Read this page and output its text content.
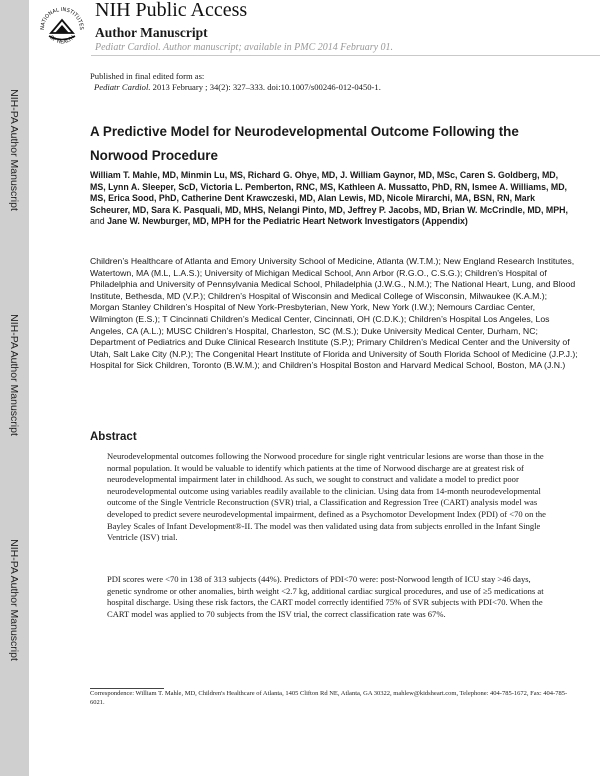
NIH-PA Author Manuscript
NIH-PA Author Manuscript
NIH-PA Author Manuscript
NATIONAL INSTITUTES
OF HEALTH
NIH Public Access
Author Manuscript
Pediatr Cardiol. Author manuscript; available in PMC 2014 February 01.
Published in final edited form as:
Pediatr Cardiol. 2013 February ; 34(2): 327–333. doi:10.1007/s00246-012-0450-1.
A Predictive Model for Neurodevelopmental Outcome Following the Norwood Procedure
William T. Mahle, MD, Minmin Lu, MS, Richard G. Ohye, MD, J. William Gaynor, MD, MSc, Caren S. Goldberg, MD, MS, Lynn A. Sleeper, ScD, Victoria L. Pemberton, RNC, MS, Kathleen A. Mussatto, PhD, RN, Ismee A. Williams, MD, MS, Erica Sood, PhD, Catherine Dent Krawczeski, MD, Alan Lewis, MD, Nicole Mirarchi, MA, BSN, RN, Mark Scheurer, MD, Sara K. Pasquali, MD, MHS, Nelangi Pinto, MD, Jeffrey P. Jacobs, MD, Brian W. McCrindle, MD, MPH, and Jane W. Newburger, MD, MPH for the Pediatric Heart Network Investigators (Appendix)
Children’s Healthcare of Atlanta and Emory University School of Medicine, Atlanta (W.T.M.); New England Research Institutes, Watertown, MA (M.L, L.A.S.); University of Michigan Medical School, Ann Arbor (R.G.O., C.S.G.); Children’s Hospital of Philadelphia and University of Pennsylvania Medical School, Philadelphia (J.W.G., N.M.); The National Heart, Lung, and Blood Institute, Bethesda, MD (V.P.); Children’s Hospital of Wisconsin and Medical College of Wisconsin, Milwaukee (K.A.M.); Morgan Stanley Children’s Hospital of New York-Presbyterian, New York, New York (I.W.); Nemours Cardiac Center, Wilmington (E.S.); T Cincinnati Children’s Medical Center, Cincinnati, OH (C.D.K.); Children’s Hospital Los Angeles, Los Angeles, CA (A.L.); MUSC Children’s Hospital, Charleston, SC (M.S.); Duke University Medical Center, Durham, NC; Department of Pediatrics and Duke Clinical Research Institute (S.P.); Primary Children’s Medical Center and the University of Utah, Salt Lake City (N.P.); The Congenital Heart Institute of Florida and University of South Florida School of Medicine (J.P.J.); Hospital for Sick Children, Toronto (B.W.M.); and Children’s Hospital Boston and Harvard Medical School, Boston, MA (J.N.)
Abstract
Neurodevelopmental outcomes following the Norwood procedure for single right ventricular lesions are worse than those in the normal population. It would be valuable to identify which patients at the time of Norwood discharge are at greatest risk of neurodevelopmental impairment later in childhood. As such, we sought to construct and validate a model to predict poor neurodevelopmental outcome using variables readily available to the clinician. Using data from 14-month neurodevelopmental outcome of the Single Ventricle Reconstruction (SVR) trial, a Classification and Regression Tree (CART) analysis model was developed to predict severe neurodevelopmental impairment, defined as a Psychomotor Development Index (PDI) of <70 on the Bayley Scales of Infant Development®-II. The model was then validated using data from subjects enrolled in the Infant Single Ventricle (ISV) trial.
PDI scores were <70 in 138 of 313 subjects (44%). Predictors of PDI<70 were: post-Norwood length of ICU stay >46 days, genetic syndrome or other anomalies, birth weight <2.7 kg, additional cardiac surgical procedures, and use of ≥5 medications at hospital discharge. Using these risk factors, the CART model correctly identified 75% of SVR subjects with PDI<70. When the CART model was applied to 70 subjects from the ISV trial, the correct classification rate was 67%.
Correspondence: William T. Mahle, MD, Children's Healthcare of Atlanta, 1405 Clifton Rd NE, Atlanta, GA 30322, mahlew@kidsheart.com, Telephone: 404-785-1672, Fax: 404-785-6021.
